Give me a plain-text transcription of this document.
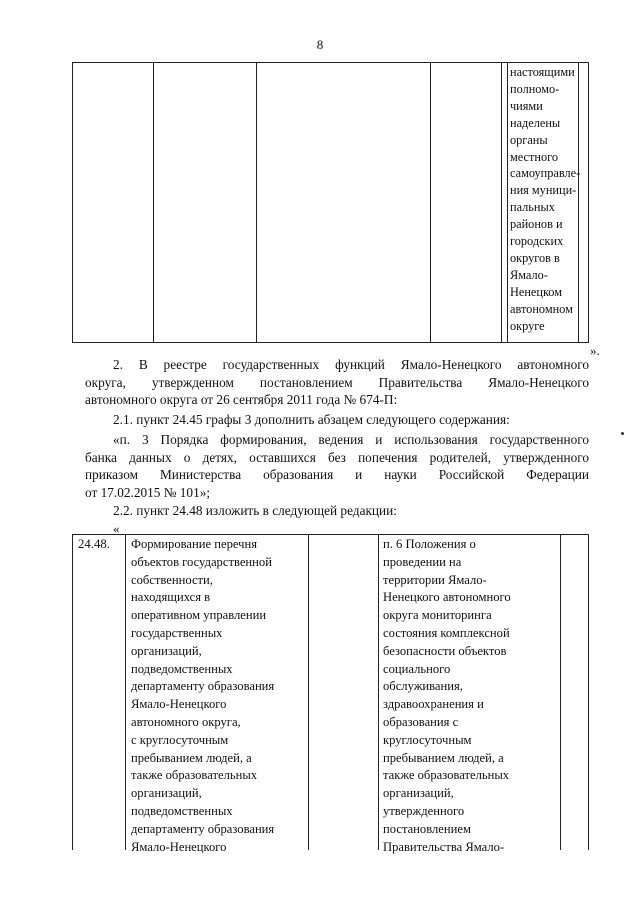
8
настоящими
полномо-
чиями
наделены
органы
местного
самоуправле-
ния муници-
пальных
районов и
городских
округов в
Ямало-
Ненецком
автономном
округе
».
2. В реестре государственных функций Ямало-Ненецкого автономного
округа, утвержденном постановлением Правительства Ямало-Ненецкого
автономного округа от 26 сентября 2011 года № 674-П:
2.1. пункт 24.45 графы 3 дополнить абзацем следующего содержания:
«п. 3 Порядка формирования, ведения и использования государственного
банка данных о детях, оставшихся без попечения родителей, утвержденного
приказом Министерства образования и науки Российской Федерации
от 17.02.2015 № 101»;
2.2. пункт 24.48 изложить в следующей редакции:
«
24.48. Формирование перечня
объектов государственной
собственности,
находящихся в
оперативном управлении
государственных
организаций,
подведомственных
департаменту образования
Ямало-Ненецкого
автономного округа,
с круглосуточным
пребыванием людей, а
также образовательных
организаций,
подведомственных
департаменту образования
Ямало-Ненецкого
п. 6 Положения о
проведении на
территории Ямало-
Ненецкого автономного
округа мониторинга
состояния комплексной
безопасности объектов
социального
обслуживания,
здравоохранения и
образования с
круглосуточным
пребыванием людей, а
также образовательных
организаций,
утвержденного
постановлением
Правительства Ямало-
